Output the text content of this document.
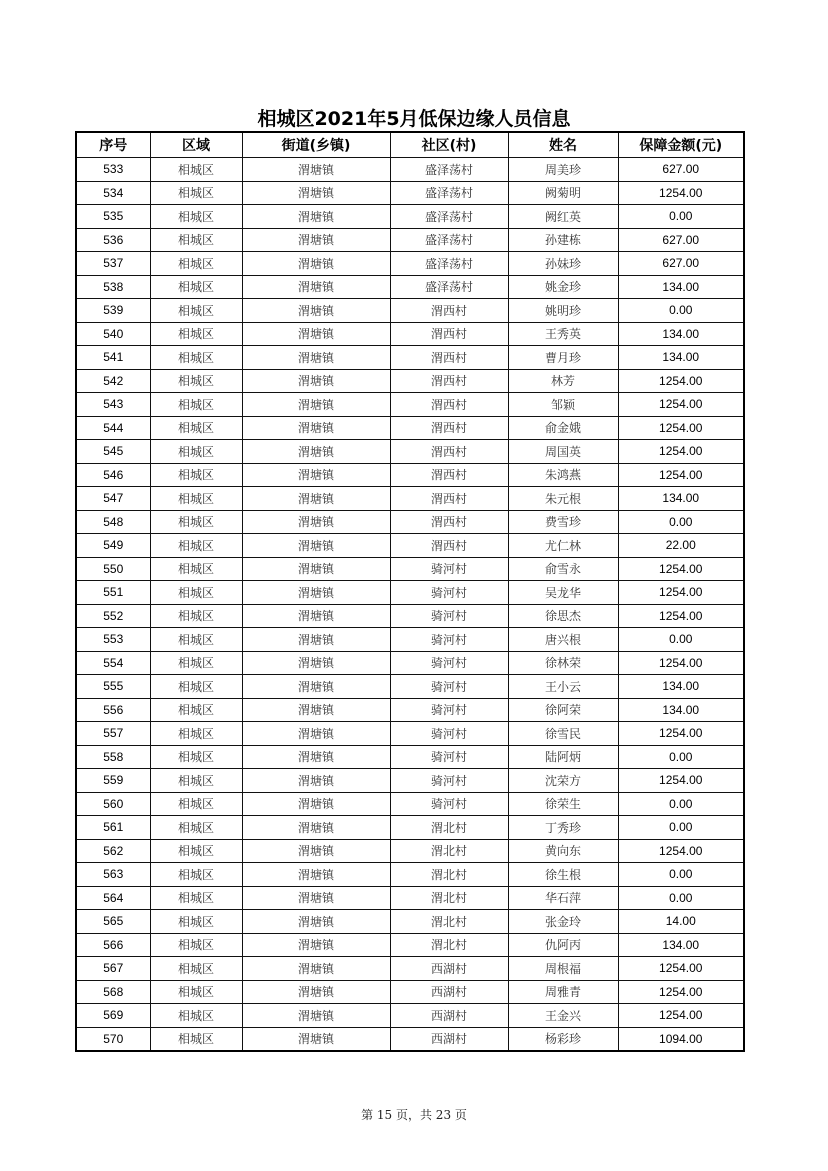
相城区2021年5月低保边缘人员信息
序号	区域	街道(乡镇)	社区(村)	姓名	保障金额(元)
533	相城区	渭塘镇	盛泽荡村	周美珍	627.00
534	相城区	渭塘镇	盛泽荡村	阙菊明	1254.00
535	相城区	渭塘镇	盛泽荡村	阙红英	0.00
536	相城区	渭塘镇	盛泽荡村	孙建栋	627.00
537	相城区	渭塘镇	盛泽荡村	孙妹珍	627.00
538	相城区	渭塘镇	盛泽荡村	姚金珍	134.00
539	相城区	渭塘镇	渭西村	姚明珍	0.00
540	相城区	渭塘镇	渭西村	王秀英	134.00
541	相城区	渭塘镇	渭西村	曹月珍	134.00
542	相城区	渭塘镇	渭西村	林芳	1254.00
543	相城区	渭塘镇	渭西村	邹颖	1254.00
544	相城区	渭塘镇	渭西村	俞金娥	1254.00
545	相城区	渭塘镇	渭西村	周国英	1254.00
546	相城区	渭塘镇	渭西村	朱鸿燕	1254.00
547	相城区	渭塘镇	渭西村	朱元根	134.00
548	相城区	渭塘镇	渭西村	费雪珍	0.00
549	相城区	渭塘镇	渭西村	尤仁林	22.00
550	相城区	渭塘镇	骑河村	俞雪永	1254.00
551	相城区	渭塘镇	骑河村	吴龙华	1254.00
552	相城区	渭塘镇	骑河村	徐思杰	1254.00
553	相城区	渭塘镇	骑河村	唐兴根	0.00
554	相城区	渭塘镇	骑河村	徐林荣	1254.00
555	相城区	渭塘镇	骑河村	王小云	134.00
556	相城区	渭塘镇	骑河村	徐阿荣	134.00
557	相城区	渭塘镇	骑河村	徐雪民	1254.00
558	相城区	渭塘镇	骑河村	陆阿炳	0.00
559	相城区	渭塘镇	骑河村	沈荣方	1254.00
560	相城区	渭塘镇	骑河村	徐荣生	0.00
561	相城区	渭塘镇	渭北村	丁秀珍	0.00
562	相城区	渭塘镇	渭北村	黄向东	1254.00
563	相城区	渭塘镇	渭北村	徐生根	0.00
564	相城区	渭塘镇	渭北村	华石萍	0.00
565	相城区	渭塘镇	渭北村	张金玲	14.00
566	相城区	渭塘镇	渭北村	仇阿丙	134.00
567	相城区	渭塘镇	西湖村	周根福	1254.00
568	相城区	渭塘镇	西湖村	周雅青	1254.00
569	相城区	渭塘镇	西湖村	王金兴	1254.00
570	相城区	渭塘镇	西湖村	杨彩珍	1094.00
第 15 页，共 23 页
